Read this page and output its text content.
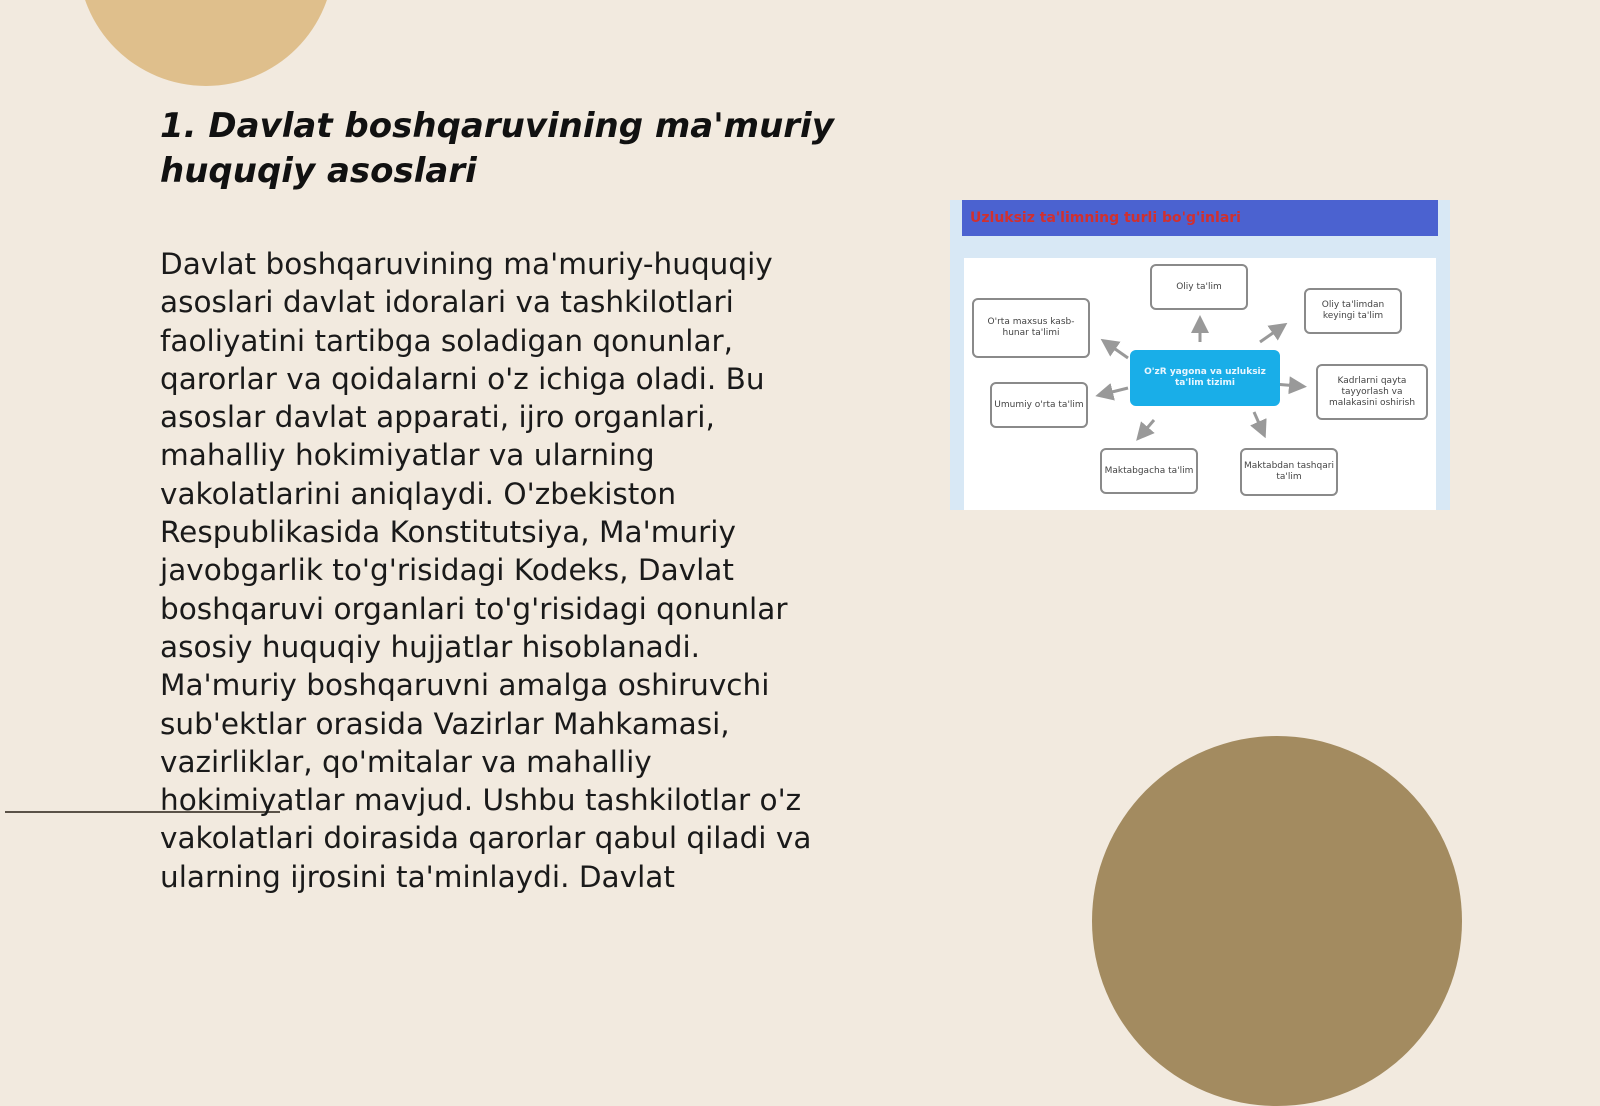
1. Davlat boshqaruvining ma'muriy huquqiy asoslari

Davlat boshqaruvining ma'muriy-huquqiy asoslari davlat idoralari va tashkilotlari faoliyatini tartibga soladigan qonunlar, qarorlar va qoidalarni o'z ichiga oladi. Bu asoslar davlat apparati, ijro organlari, mahalliy hokimiyatlar va ularning vakolatlarini aniqlaydi. O'zbekiston Respublikasida Konstitutsiya, Ma'muriy javobgarlik to'g'risidagi Kodeks, Davlat boshqaruvi organlari to'g'risidagi qonunlar asosiy huquqiy hujjatlar hisoblanadi. Ma'muriy boshqaruvni amalga oshiruvchi sub'ektlar orasida Vazirlar Mahkamasi, vazirliklar, qo'mitalar va mahalliy hokimiyatlar mavjud. Ushbu tashkilotlar o'z vakolatlari doirasida qarorlar qabul qiladi va ularning ijrosini ta'minlaydi. Davlat

Uzluksiz ta'limning turli bo'g'inlari
O'zR yagona va uzluksiz ta'lim tizimi
Oliy ta'lim
Oliy ta'limdan keyingi ta'lim
Kadrlarni qayta tayyorlash va malakasini oshirish
Maktabdan tashqari ta'lim
Maktabgacha ta'lim
Umumiy o'rta ta'lim
O'rta maxsus kasb-hunar ta'limi
